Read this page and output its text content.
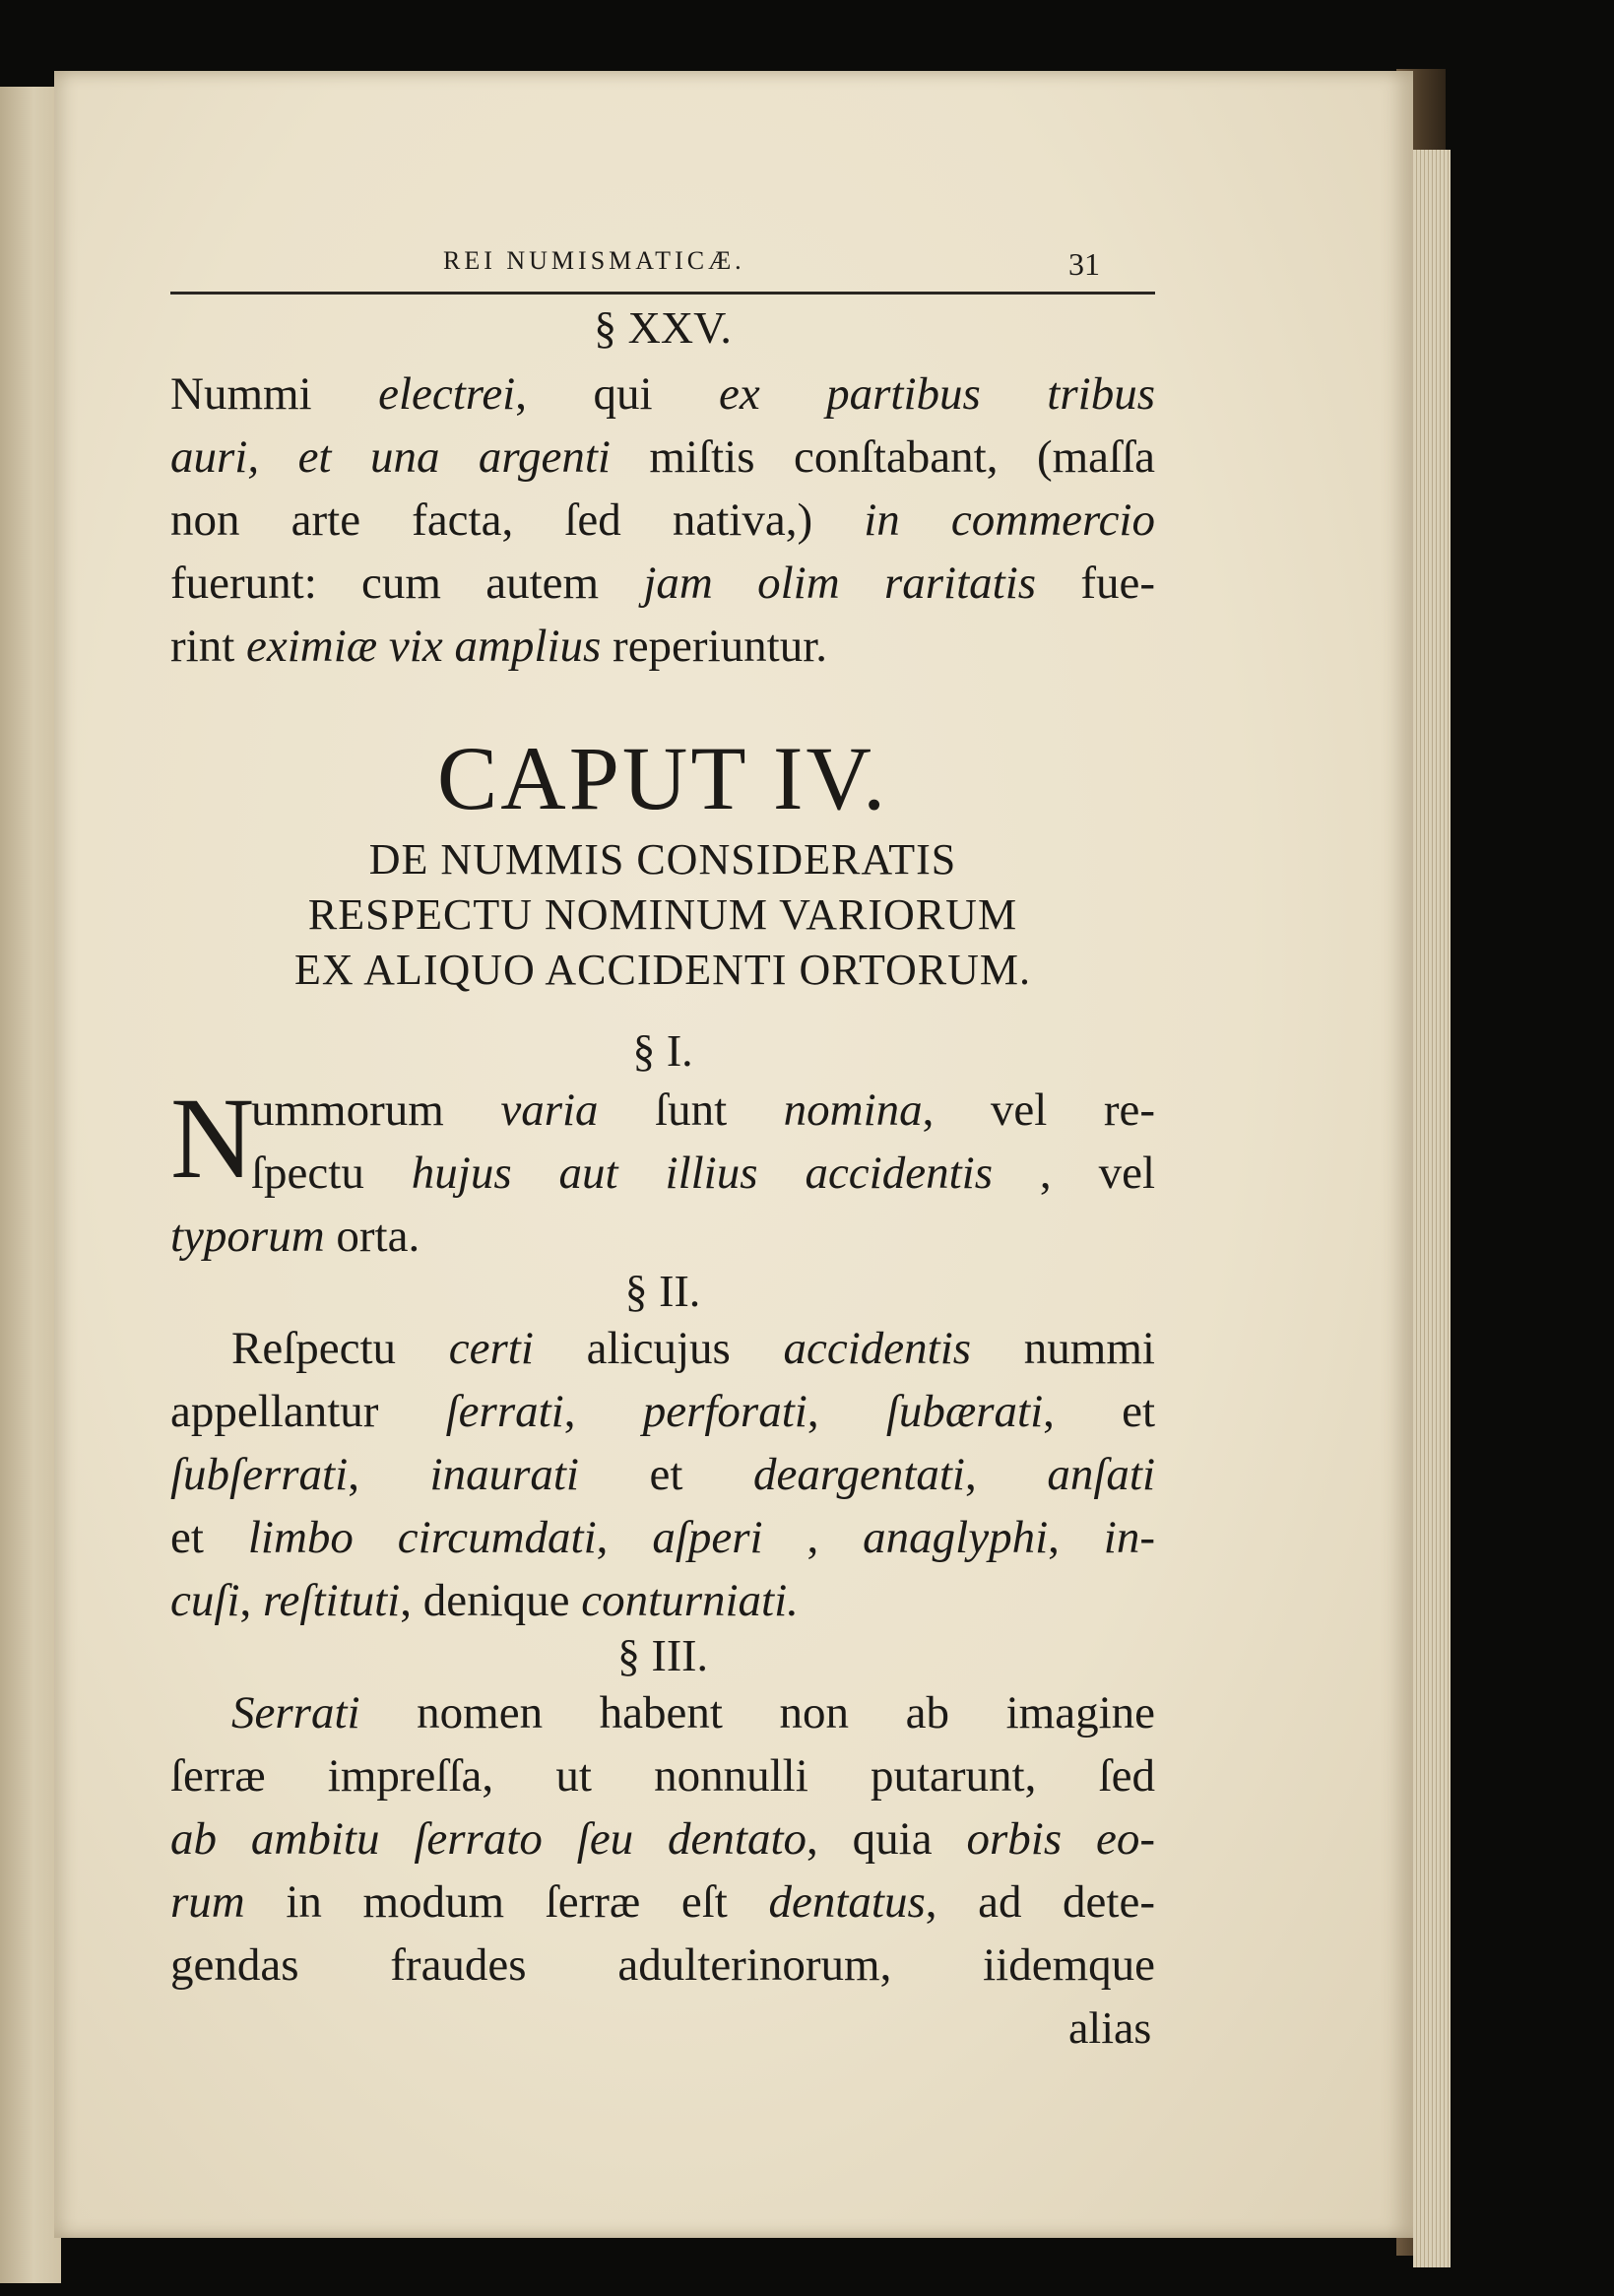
REI NUMISMATICÆ.	31
§ XXV.
Nummi electrei, qui ex partibus tribus
auri, et una argenti miſtis conſtabant, (maſſa
non arte facta, ſed nativa,) in commercio
fuerunt: cum autem jam olim raritatis fue-
rint eximiæ vix amplius reperiuntur.
CAPUT IV.
DE NUMMIS CONSIDERATIS
RESPECTU NOMINUM VARIORUM
EX ALIQUO ACCIDENTI ORTORUM.
§ I.
N
ummorum varia ſunt nomina, vel re-
ſpectu hujus aut illius accidentis , vel
typorum orta.
§ II.
Reſpectu certi alicujus accidentis nummi
appellantur ſerrati, perforati, ſubærati, et
ſubſerrati, inaurati et deargentati, anſati
et limbo circumdati, aſperi , anaglyphi, in-
cuſi, reſtituti, denique conturniati.
§ III.
Serrati nomen habent non ab imagine
ſerræ impreſſa, ut nonnulli putarunt, ſed
ab ambitu ſerrato ſeu dentato, quia orbis eo-
rum in modum ſerræ eſt dentatus, ad dete-
gendas fraudes adulterinorum, iidemque
alias
